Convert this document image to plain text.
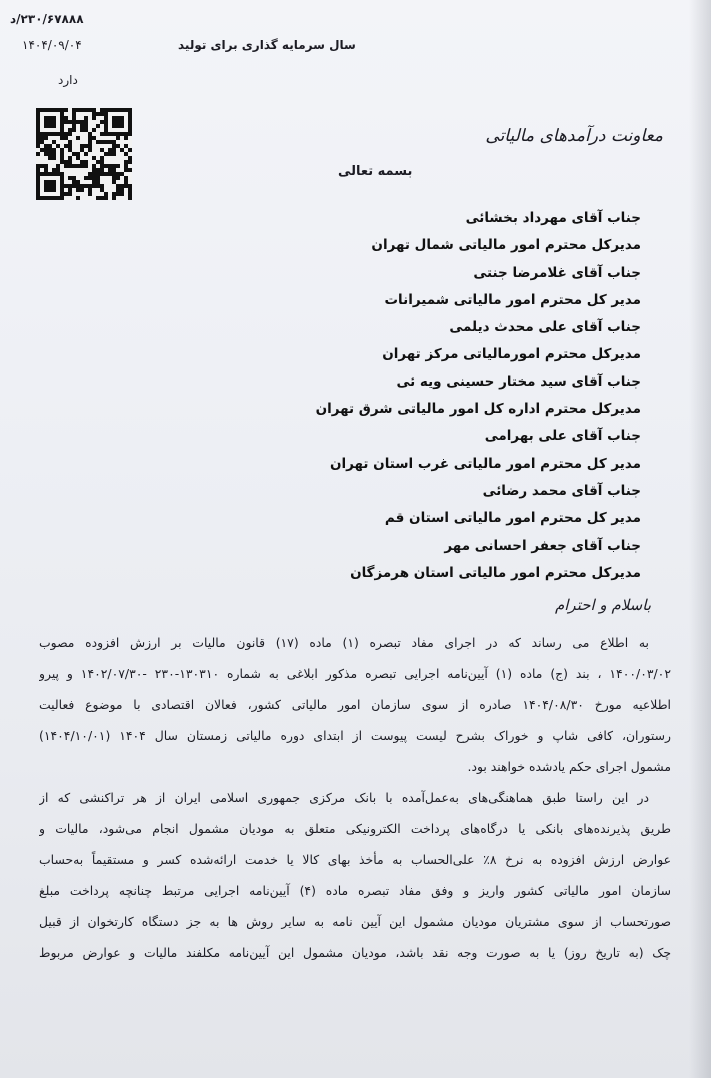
۲۳۰/۶۷۸۸۸/د
۱۴۰۴/۰۹/۰۴
دارد
سال سرمایه گذاری برای تولید
معاونت درآمدهای مالیاتی
بسمه تعالی
جناب آقای مهرداد بخشائی
مدیرکل محترم امور مالیاتی شمال تهران
جناب آقای غلامرضا جنتی
مدیر کل محترم امور مالیاتی شمیرانات
جناب آقای علی محدث دیلمی
مدیرکل محترم امورمالیاتی مرکز تهران
جناب آقای سید مختار حسینی ویه ئی
مدیرکل محترم اداره کل امور مالیاتی شرق تهران
جناب آقای علی بهرامی
مدیر کل محترم امور مالیاتی غرب استان تهران
جناب آقای محمد رضائی
مدیر کل محترم امور مالیاتی استان قم
جناب آقای جعفر احسانی مهر
مدیرکل محترم امور مالیاتی استان هرمزگان
باسلام و احترام
به اطلاع می رساند که در اجرای مفاد تبصره (۱) ماده (۱۷) قانون مالیات بر ارزش افزوده مصوب
۱۴۰۰/۰۳/۰۲ ، بند (ج) ماده (۱) آیین‌نامه اجرایی تبصره مذکور ابلاغی به شماره ۱۳۰۳۱۰-۲۳۰ -۱۴۰۲/۰۷/۳۰ و پیرو
اطلاعیه مورخ ۱۴۰۴/۰۸/۳۰ صادره از سوی سازمان امور مالیاتی کشور، فعالان اقتصادی با موضوع فعالیت
رستوران، کافی شاپ و خوراک بشرح لیست پیوست از ابتدای دوره مالیاتی زمستان سال ۱۴۰۴ (۱۴۰۴/۱۰/۰۱)
مشمول اجرای حکم یادشده خواهند بود.
در این راستا طبق هماهنگی‌های به‌عمل‌آمده با بانک مرکزی جمهوری اسلامی ایران از هر تراکنشی که از
طریق پذیرنده‌های بانکی یا درگاه‌های پرداخت الکترونیکی متعلق به مودیان مشمول انجام می‌شود، مالیات و
عوارض ارزش افزوده به نرخ ۸٪ علی‌الحساب به مأخذ بهای کالا یا خدمت ارائه‌شده کسر و مستقیماً به‌حساب
سازمان امور مالیاتی کشور واریز و وفق مفاد تبصره ماده (۴) آیین‌نامه اجرایی مرتبط چنانچه پرداخت مبلغ
صورتحساب از سوی مشتریان مودیان مشمول این آیین نامه به سایر روش ها به جز دستگاه کارتخوان از قبیل
چک (به تاریخ روز) یا به صورت وجه نقد باشد، مودیان مشمول این آیین‌نامه مکلفند مالیات و عوارض مربوط
